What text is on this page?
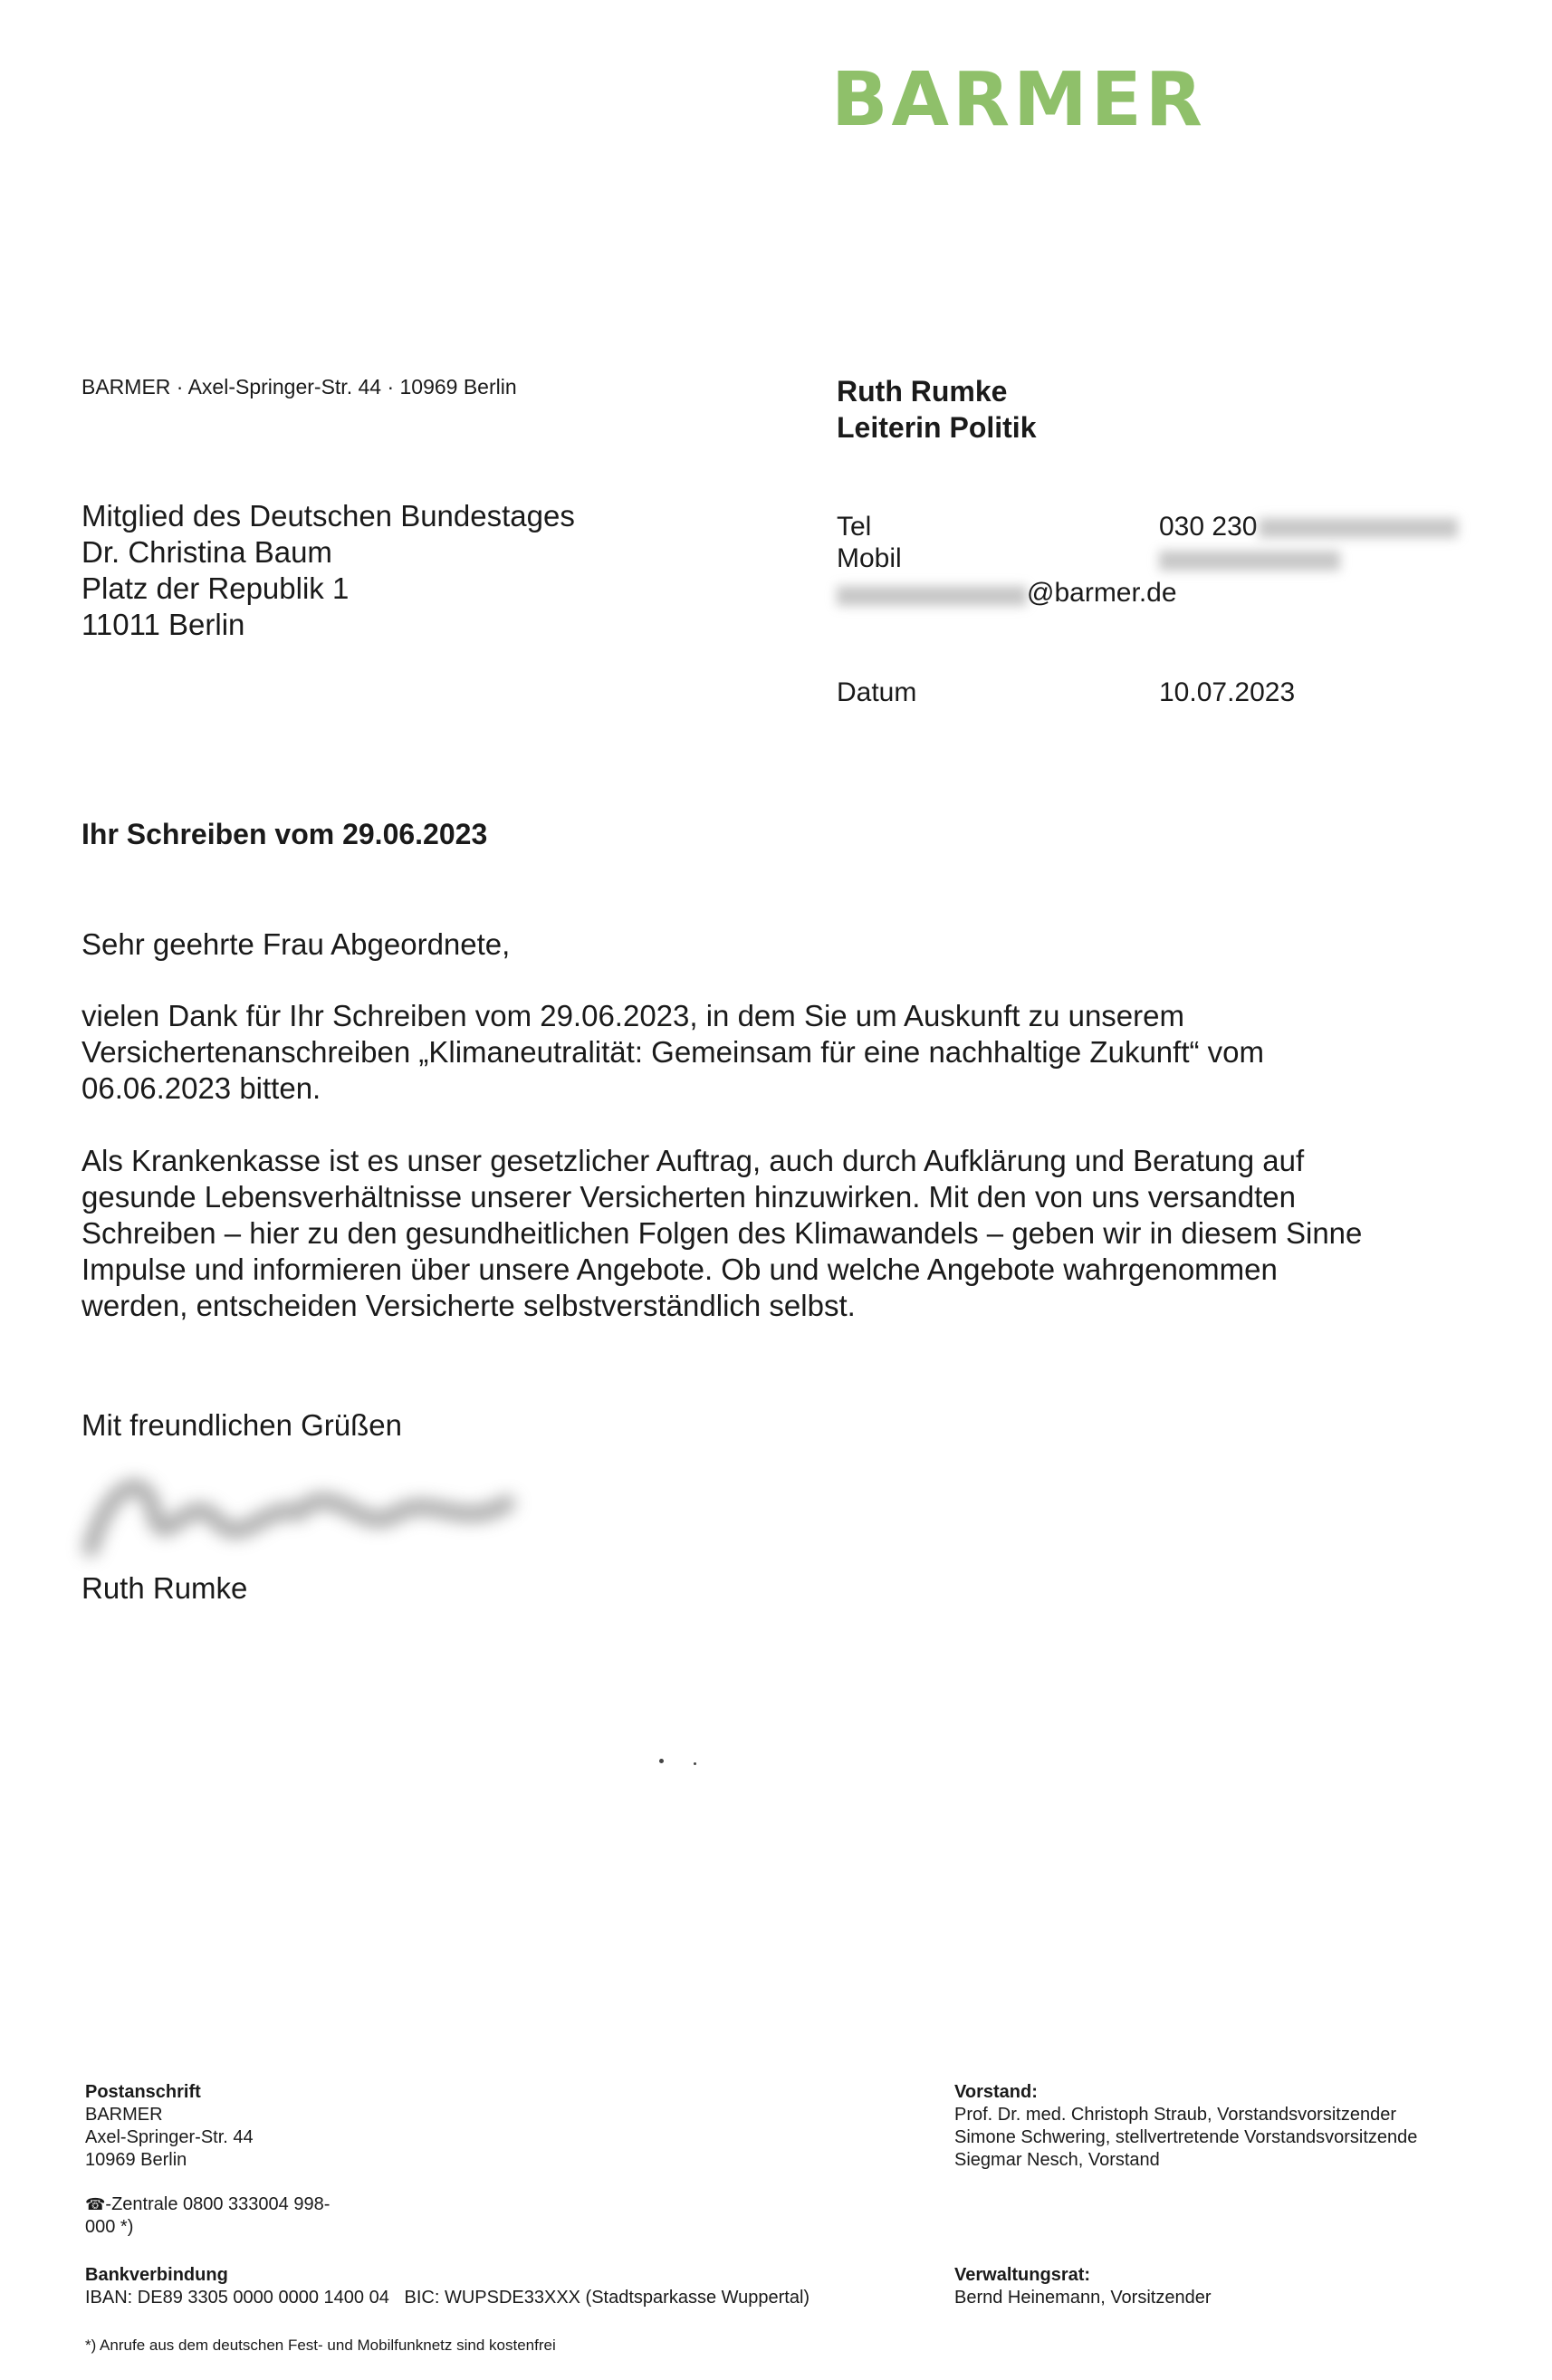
BARMER
BARMER · Axel-Springer-Str. 44 · 10969 Berlin	Ruth Rumke
Leiterin Politik
Mitglied des Deutschen Bundestages
Dr. Christina Baum
Platz der Republik 1
11011 Berlin
Tel	030 230
Mobil
@barmer.de
Datum	10.07.2023
Ihr Schreiben vom 29.06.2023
Sehr geehrte Frau Abgeordnete,
vielen Dank für Ihr Schreiben vom 29.06.2023, in dem Sie um Auskunft zu unserem
Versichertenanschreiben „Klimaneutralität: Gemeinsam für eine nachhaltige Zukunft“ vom
06.06.2023 bitten.
Als Krankenkasse ist es unser gesetzlicher Auftrag, auch durch Aufklärung und Beratung auf
gesunde Lebensverhältnisse unserer Versicherten hinzuwirken. Mit den von uns versandten
Schreiben – hier zu den gesundheitlichen Folgen des Klimawandels – geben wir in diesem Sinne
Impulse und informieren über unsere Angebote. Ob und welche Angebote wahrgenommen
werden, entscheiden Versicherte selbstverständlich selbst.
Mit freundlichen Grüßen
Ruth Rumke
Postanschrift
BARMER
Axel-Springer-Str. 44
10969 Berlin
☎-Zentrale 0800 333004 998-
000 *)
Bankverbindung
IBAN: DE89 3305 0000 0000 1400 04   BIC: WUPSDE33XXX (Stadtsparkasse Wuppertal)
*) Anrufe aus dem deutschen Fest- und Mobilfunknetz sind kostenfrei
Vorstand:
Prof. Dr. med. Christoph Straub, Vorstandsvorsitzender
Simone Schwering, stellvertretende Vorstandsvorsitzende
Siegmar Nesch, Vorstand
Verwaltungsrat:
Bernd Heinemann, Vorsitzender
